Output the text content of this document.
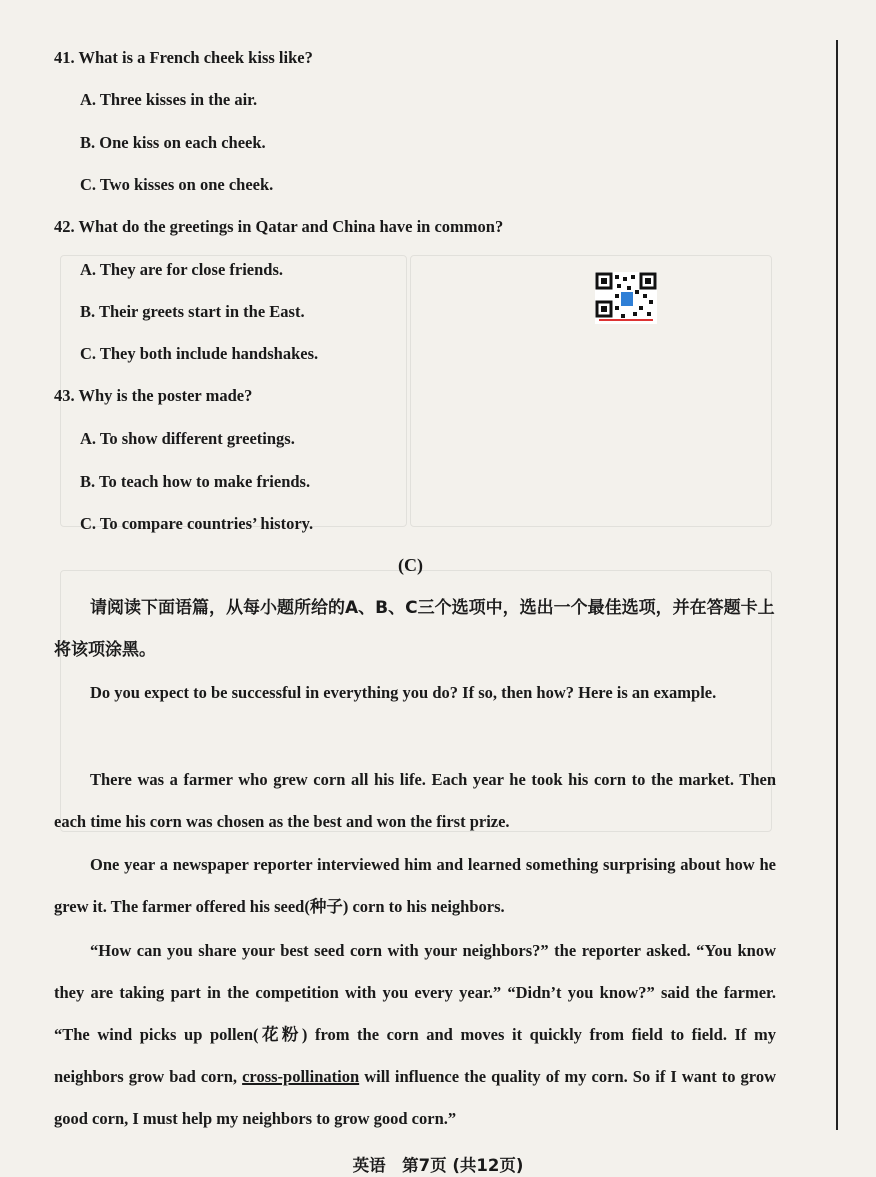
41. What is a French cheek kiss like?
A. Three kisses in the air.
B. One kiss on each cheek.
C. Two kisses on one cheek.
42. What do the greetings in Qatar and China have in common?
A. They are for close friends.
B. Their greets start in the East.
C. They both include handshakes.
43. Why is the poster made?
A. To show different greetings.
B. To teach how to make friends.
C. To compare countries’ history.
(C)
请阅读下面语篇，从每小题所给的A、B、C三个选项中，选出一个最佳选项，并在答题卡上将该项涂黑。
Do you expect to be successful in everything you do? If so, then how? Here is an example.
There was a farmer who grew corn all his life. Each year he took his corn to the market. Then each time his corn was chosen as the best and won the first prize.
One year a newspaper reporter interviewed him and learned something surprising about how he grew it. The farmer offered his seed(种子) corn to his neighbors.
“How can you share your best seed corn with your neighbors?” the reporter asked. “You know they are taking part in the competition with you every year.” “Didn’t you know?” said the farmer. “The wind picks up pollen(花粉) from the corn and moves it quickly from field to field. If my neighbors grow bad corn, cross-pollination will influence the quality of my corn. So if I want to grow good corn, I must help my neighbors to grow good corn.”
英语　第7页 (共12页)
